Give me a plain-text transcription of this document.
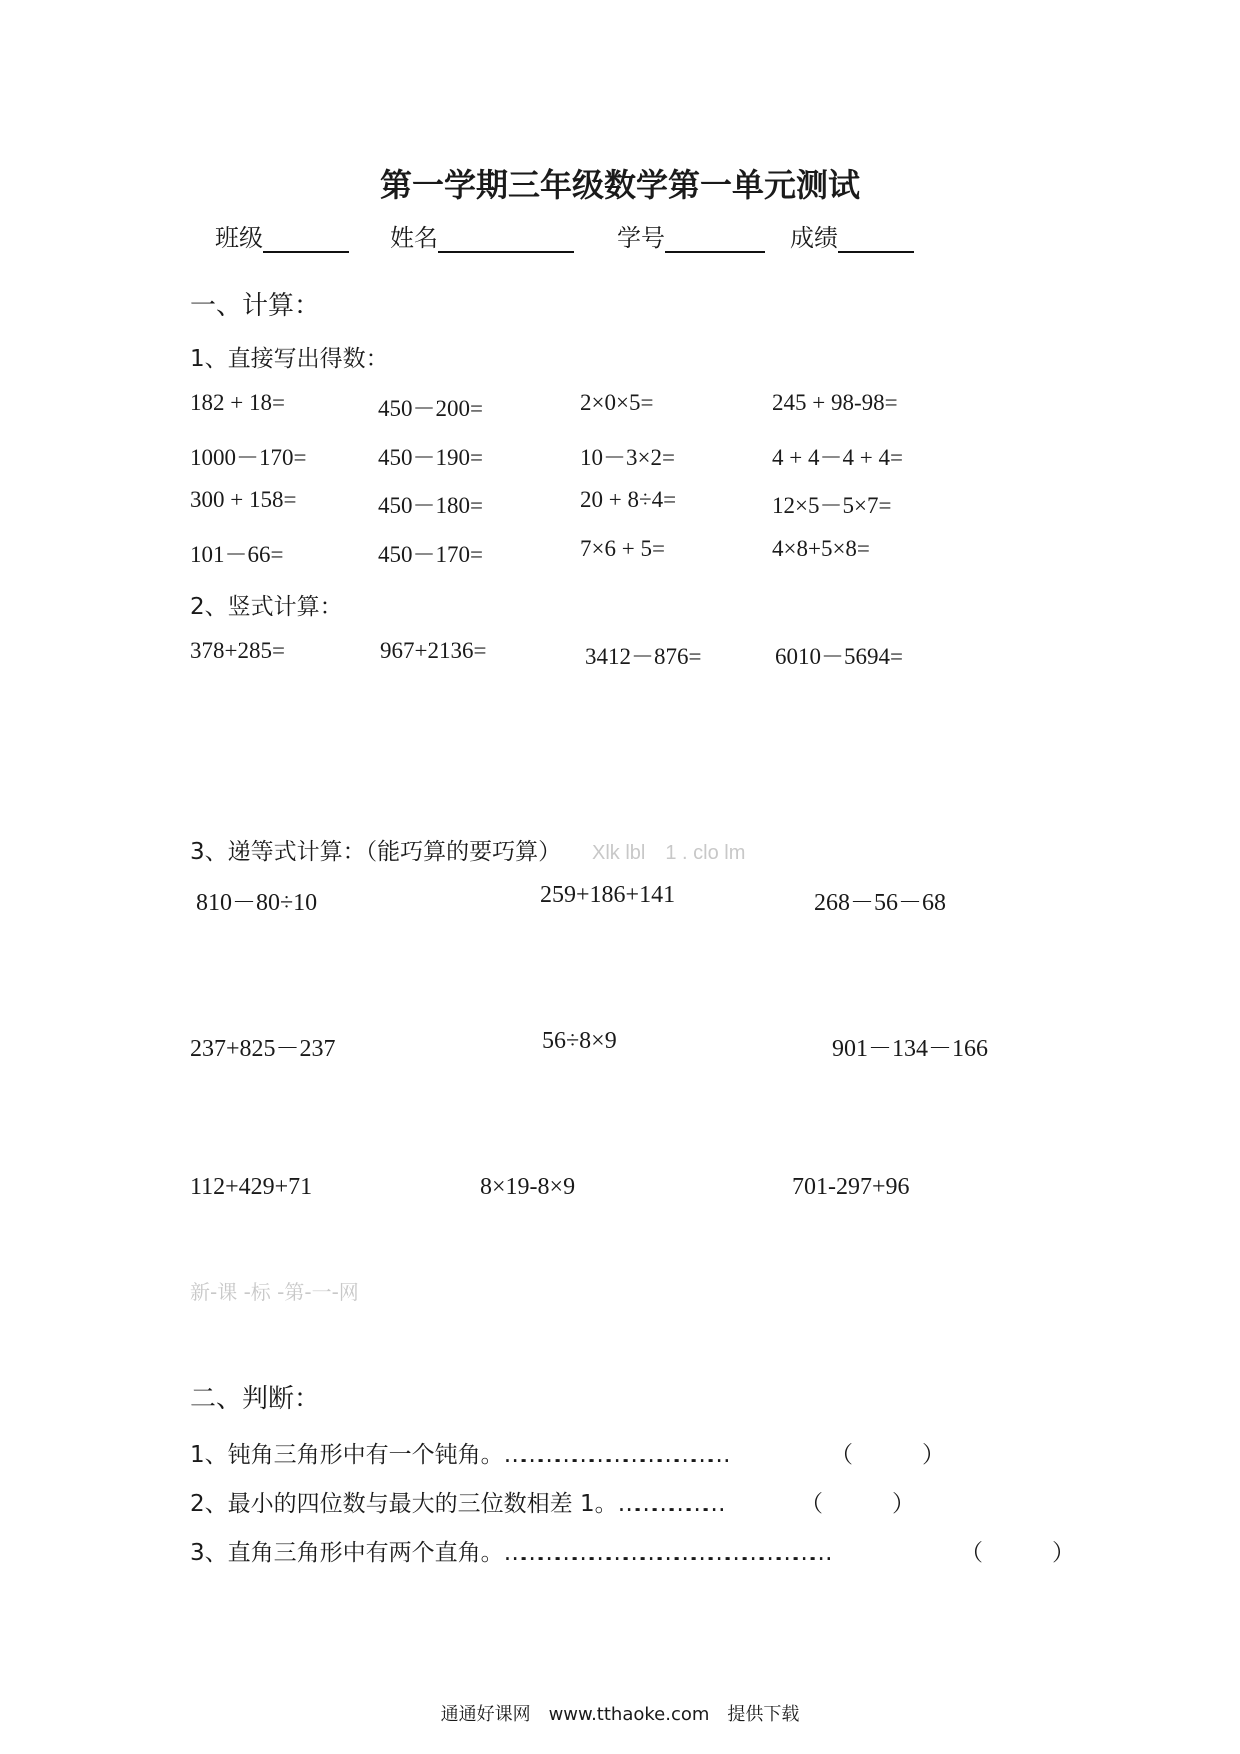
第一学期三年级数学第一单元测试
班级	姓名	学号	成绩
一、计算：
1、直接写出得数：
182 + 18=	450－200=	2×0×5=	245 + 98-98=
1000－170=	450－190=	10－3×2=	4 + 4－4 + 4=
300 + 158=	450－180=	20 + 8÷4=	12×5－5×7=
101－66=	450－170=	7×6 + 5=	4×8+5×8=
2、竖式计算：
378+285=	967+2136=	3412－876=	6010－5694=
3、递等式计算：（能巧算的要巧算） Xlk lbl　1 . clo lm
810－80÷10	259+186+141	268－56－68
237+825－237	56÷8×9	901－134－166
112+429+71	8×19-8×9	701-297+96
新-课 -标 -第-一-网
二、判断：
1、钝角三角形中有一个钝角。…………………………………	（　　　）
2、最小的四位数与最大的三位数相差 1。………………	（　　　）
3、直角三角形中有两个直角。…………………………………………………	（　　　）
通通好课网　www.tthaoke.com　提供下载
